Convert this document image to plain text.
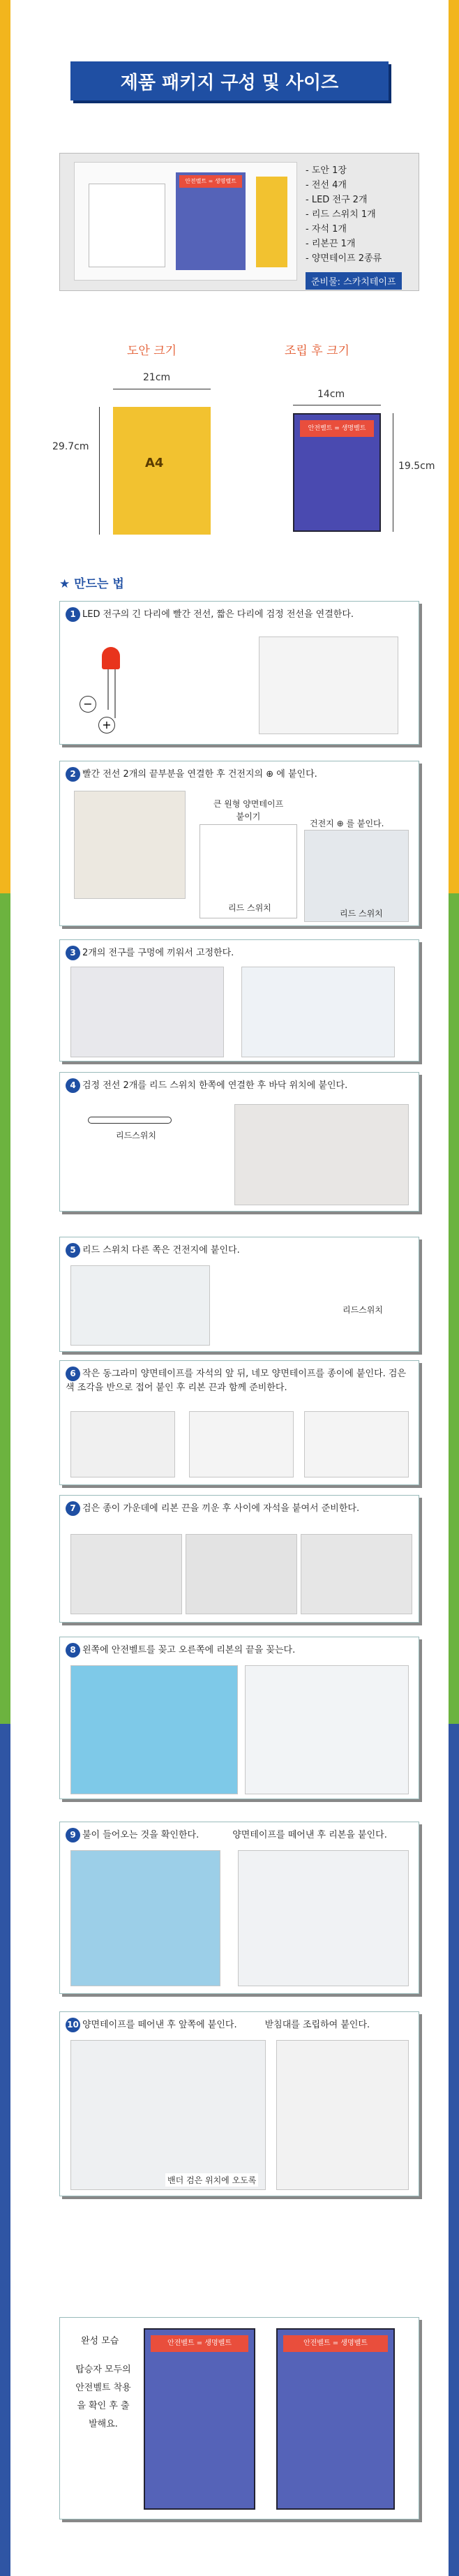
제품 패키지 구성 및 사이즈
안전벨트 = 생명벨트
- 도안 1장
- 전선 4개
- LED 전구 2개
- 리드 스위치 1개
- 자석 1개
- 리본끈 1개
- 양면테이프 2종류
준비물: 스카치테이프
도안 크기	조립 후 크기
21cm
29.7cm
A4
14cm
안전벨트 = 생명벨트
19.5cm
★ 만드는 법
1 LED 전구의 긴 다리에 빨간 전선, 짧은 다리에 검정 전선을 연결한다.
−
+
2 빨간 전선 2개의 끝부분을 연결한 후 건전지의 ⊕ 에 붙인다.
큰 원형 양면테이프
붙이기
리드 스위치
건전지 ⊕ 를 붙인다.
리드 스위치
3 2개의 전구를 구멍에 끼워서 고정한다.
4 검정 전선 2개를 리드 스위치 한쪽에 연결한 후 바닥 위치에 붙인다.
리드스위치
5 리드 스위치 다른 쪽은 건전지에 붙인다.
리드스위치
6 작은 동그라미 양면테이프를 자석의 앞 뒤, 네모 양면테이프를 종이에 붙인다. 검은색 조각을 반으로 접어 붙인 후 리본 끈과 함께 준비한다.
7 검은 종이 가운데에 리본 끈을 끼운 후 사이에 자석을 붙여서 준비한다.
8 왼쪽에 안전벨트를 꽂고 오른쪽에 리본의 끝을 꽂는다.
9 불이 들어오는 것을 확인한다.	양면테이프를 떼어낸 후 리본을 붙인다.
10 양면테이프를 떼어낸 후 앞쪽에 붙인다.	받침대를 조립하여 붙인다.
밴더 검은 위치에 오도록
완성 모습
탑승자 모두의 안전벨트 착용을 확인 후 출발해요.
안전벨트 = 생명벨트	안전벨트 = 생명벨트
